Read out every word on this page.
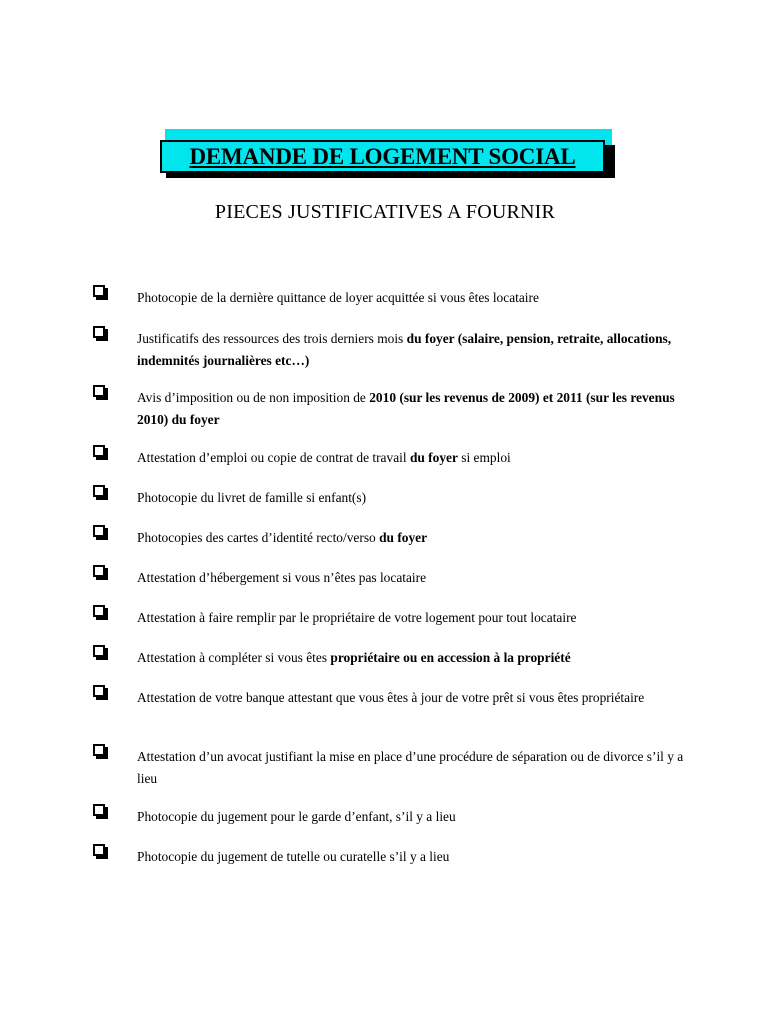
DEMANDE DE LOGEMENT SOCIAL
PIECES JUSTIFICATIVES A FOURNIR
Photocopie de la dernière quittance de loyer acquittée si vous êtes locataire
Justificatifs des ressources des trois derniers mois du foyer (salaire, pension, retraite, allocations, indemnités journalières etc…)
Avis d’imposition ou de non imposition de 2010 (sur les revenus de 2009) et 2011 (sur les revenus 2010) du foyer
Attestation d’emploi ou copie de contrat de travail du foyer si emploi
Photocopie du livret de famille si enfant(s)
Photocopies des cartes d’identité recto/verso du foyer
Attestation d’hébergement si vous n’êtes pas locataire
Attestation à faire remplir par le propriétaire de votre logement pour tout locataire
Attestation à compléter si vous êtes propriétaire ou en accession à la propriété
Attestation de votre banque attestant que vous êtes à jour de votre prêt si vous êtes propriétaire
Attestation d’un avocat justifiant la mise en place d’une procédure de séparation ou de divorce s’il y a lieu
Photocopie du jugement pour le garde d’enfant, s’il y a lieu
Photocopie du jugement de tutelle ou curatelle s’il y a lieu
